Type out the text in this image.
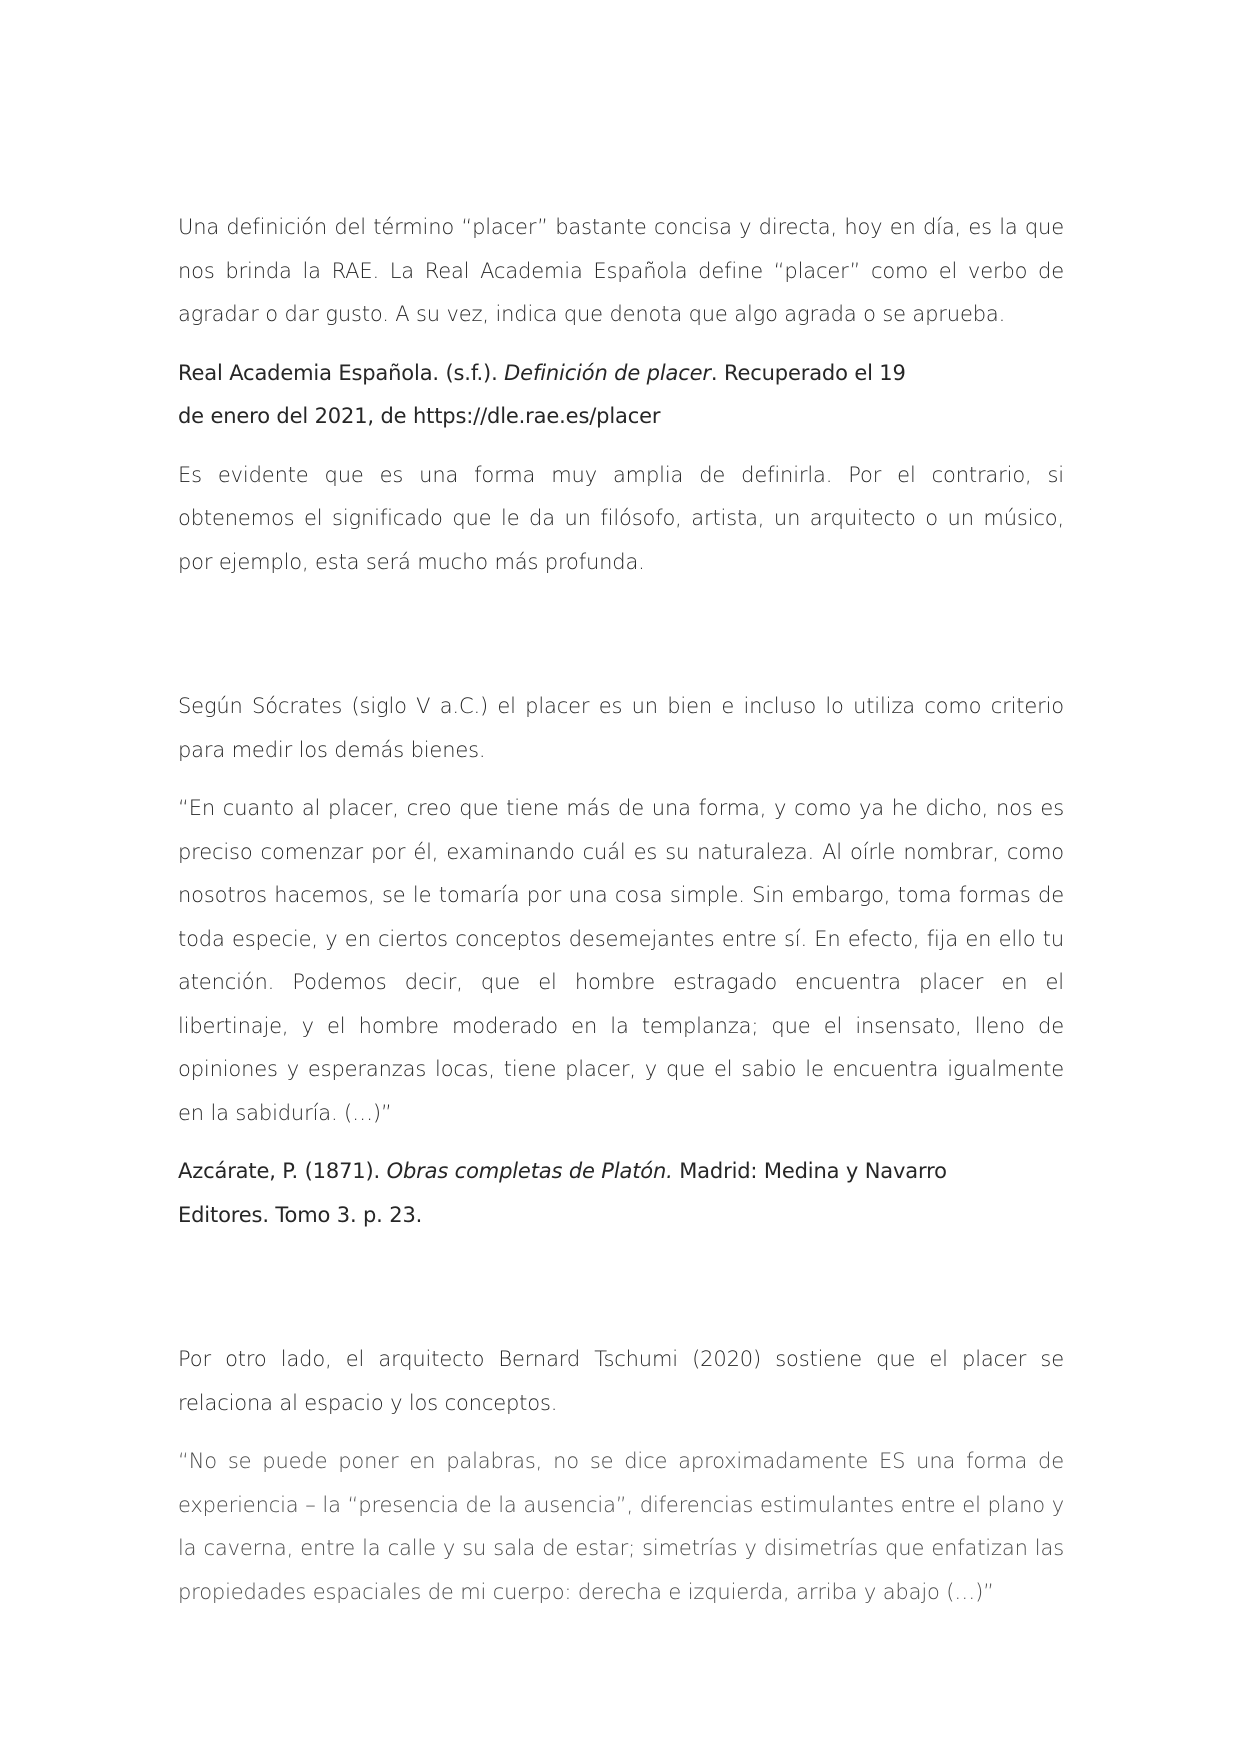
Una definición del término “placer” bastante concisa y directa, hoy en día, es la que nos brinda la RAE. La Real Academia Española define “placer” como el verbo de agradar o dar gusto. A su vez, indica que denota que algo agrada o se aprueba.

Real Academia Española. (s.f.). Definición de placer. Recuperado el 19 de enero del 2021, de https://dle.rae.es/placer

Es evidente que es una forma muy amplia de definirla. Por el contrario, si obtenemos el significado que le da un filósofo, artista, un arquitecto o un músico, por ejemplo, esta será mucho más profunda.

Según Sócrates (siglo V a.C.) el placer es un bien e incluso lo utiliza como criterio para medir los demás bienes.

“En cuanto al placer, creo que tiene más de una forma, y como ya he dicho, nos es preciso comenzar por él, examinando cuál es su naturaleza. Al oírle nombrar, como nosotros hacemos, se le tomaría por una cosa simple. Sin embargo, toma formas de toda especie, y en ciertos conceptos desemejantes entre sí. En efecto, fija en ello tu atención. Podemos decir, que el hombre estragado encuentra placer en el libertinaje, y el hombre moderado en la templanza; que el insensato, lleno de opiniones y esperanzas locas, tiene placer, y que el sabio le encuentra igualmente en la sabiduría. (…)”

Azcárate, P. (1871). Obras completas de Platón. Madrid: Medina y Navarro Editores. Tomo 3. p. 23.

Por otro lado, el arquitecto Bernard Tschumi (2020) sostiene que el placer se relaciona al espacio y los conceptos.

“No se puede poner en palabras, no se dice aproximadamente ES una forma de experiencia – la “presencia de la ausencia”, diferencias estimulantes entre el plano y la caverna, entre la calle y su sala de estar; simetrías y disimetrías que enfatizan las propiedades espaciales de mi cuerpo: derecha e izquierda, arriba y abajo (…)”
